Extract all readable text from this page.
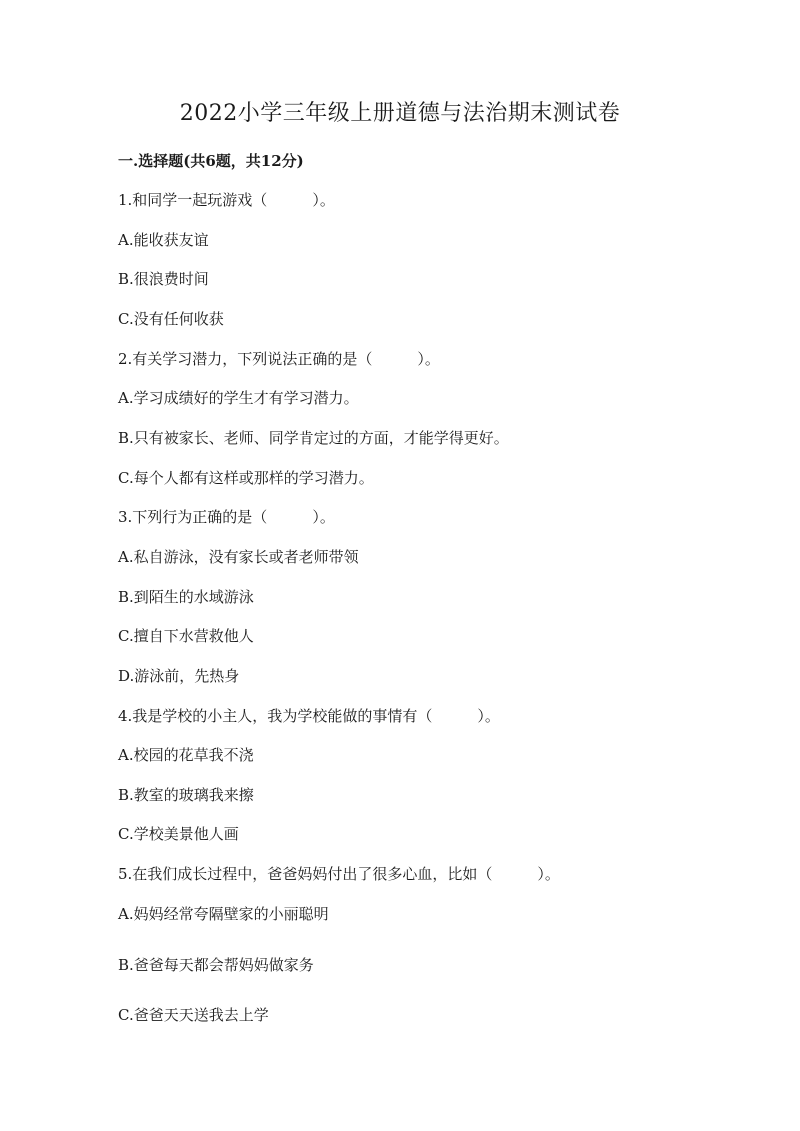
2022小学三年级上册道德与法治期末测试卷
一.选择题(共6题，共12分)
1.和同学一起玩游戏（　　　）。
A.能收获友谊
B.很浪费时间
C.没有任何收获
2.有关学习潜力，下列说法正确的是（　　　）。
A.学习成绩好的学生才有学习潜力。
B.只有被家长、老师、同学肯定过的方面，才能学得更好。
C.每个人都有这样或那样的学习潜力。
3.下列行为正确的是（　　　）。
A.私自游泳，没有家长或者老师带领
B.到陌生的水域游泳
C.擅自下水营救他人
D.游泳前，先热身
4.我是学校的小主人，我为学校能做的事情有（　　　）。
A.校园的花草我不浇
B.教室的玻璃我来擦
C.学校美景他人画
5.在我们成长过程中，爸爸妈妈付出了很多心血，比如（　　　）。
A.妈妈经常夸隔壁家的小丽聪明
B.爸爸每天都会帮妈妈做家务
C.爸爸天天送我去上学
